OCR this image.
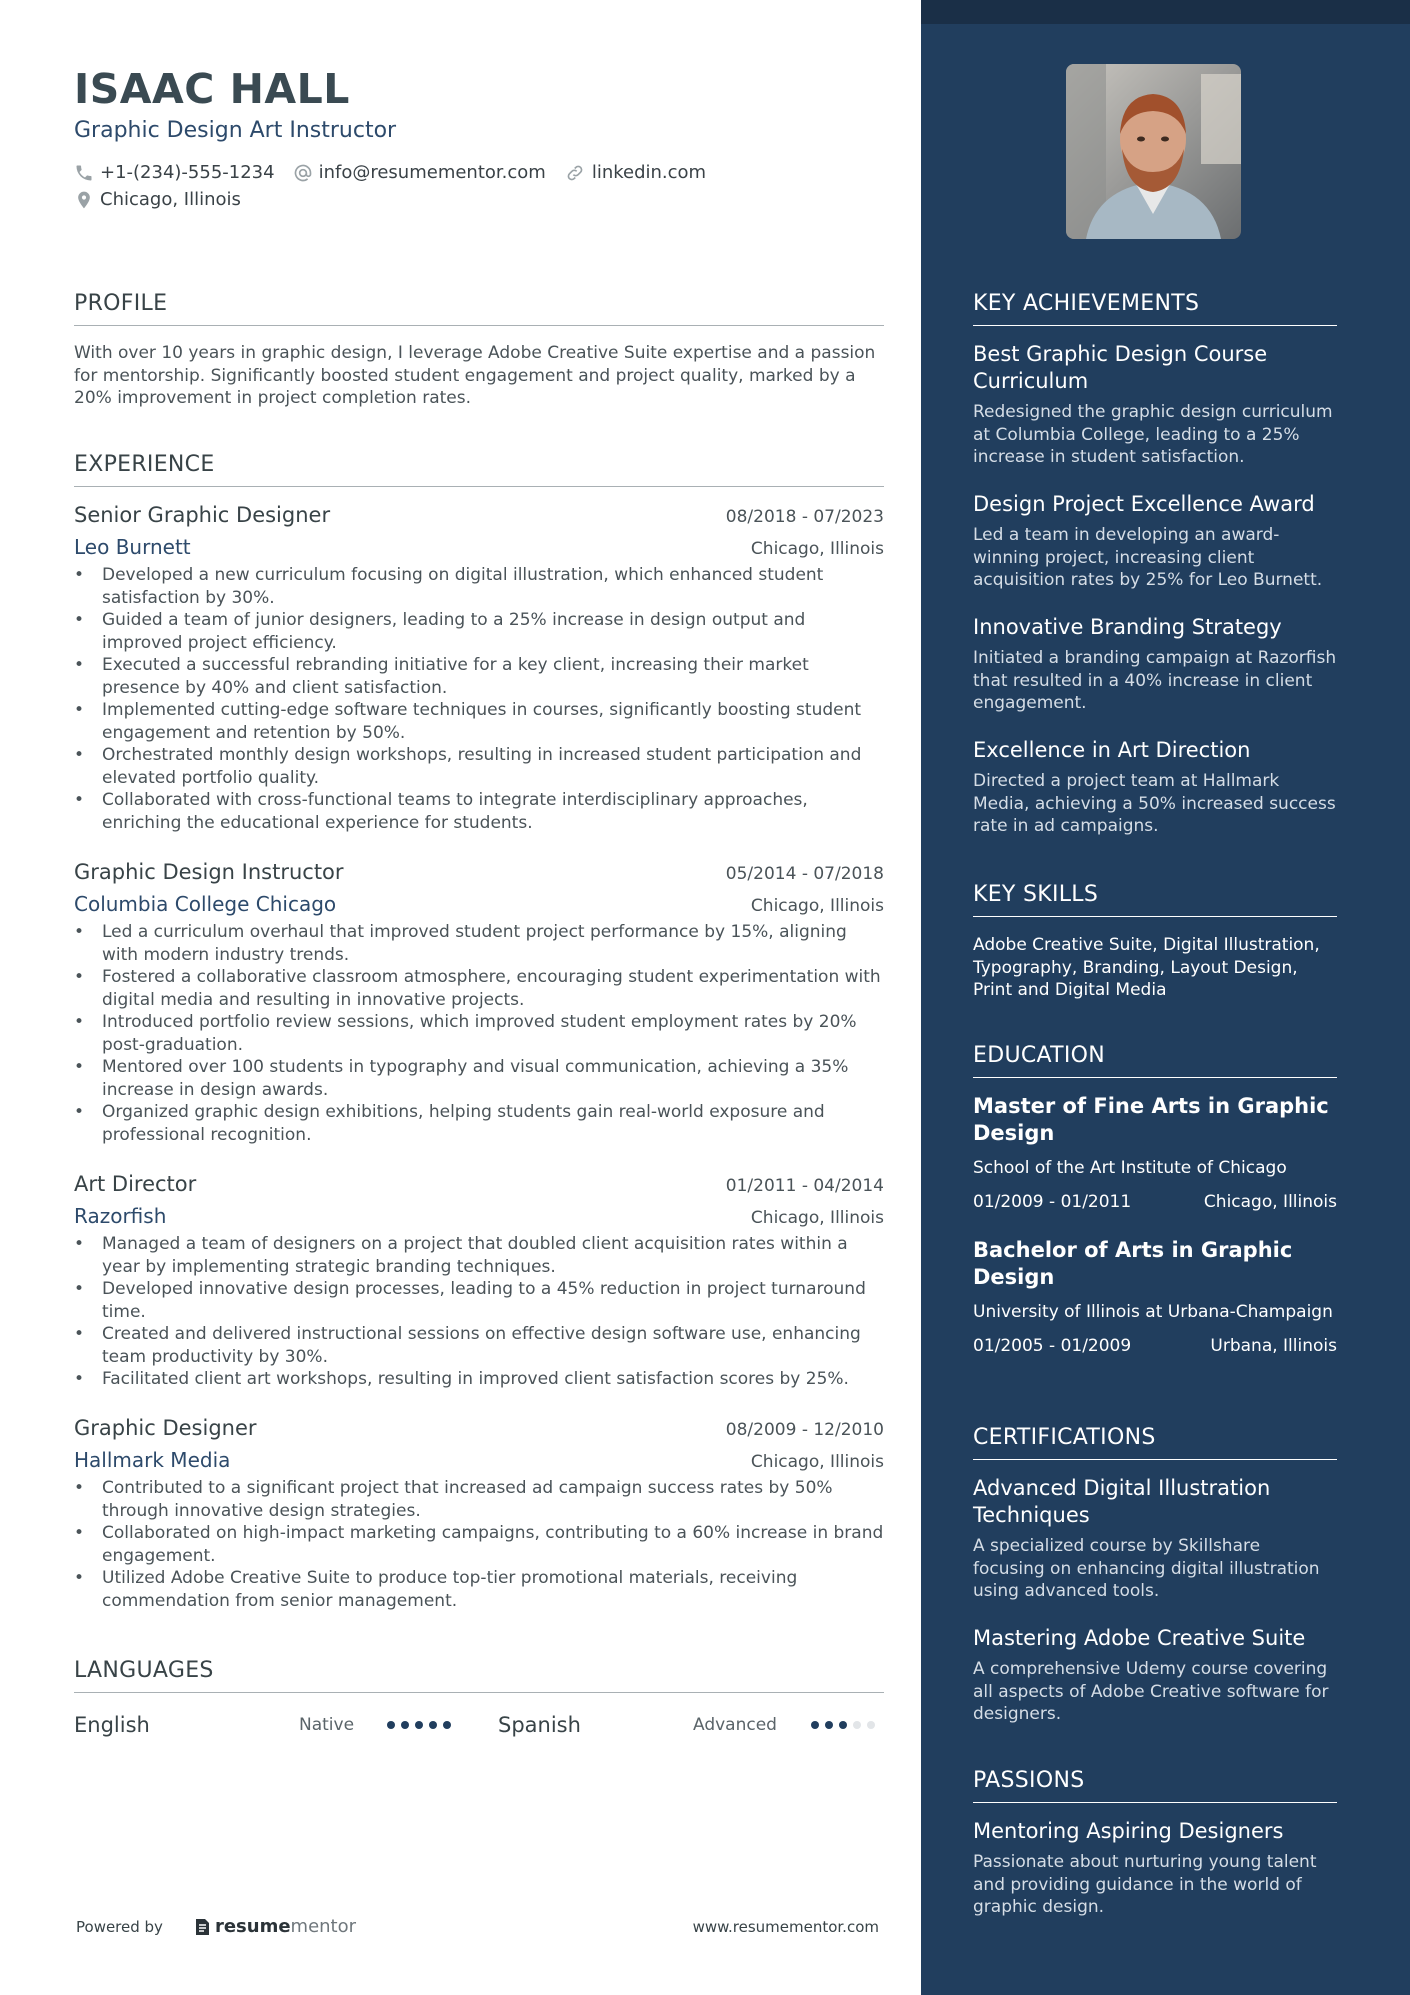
ISAAC HALL
Graphic Design Art Instructor
+1-(234)-555-1234 info@resumementor.com	linkedin.com
Chicago, Illinois
PROFILE
With over 10 years in graphic design, I leverage Adobe Creative Suite expertise and a passion
for mentorship. Significantly boosted student engagement and project quality, marked by a
20% improvement in project completion rates.
EXPERIENCE
Senior Graphic Designer	08/2018 - 07/2023
Leo Burnett	Chicago, Illinois
• Developed a new curriculum focusing on digital illustration, which enhanced student satisfaction by 30%.
• Guided a team of junior designers, leading to a 25% increase in design output and improved project efficiency.
• Executed a successful rebranding initiative for a key client, increasing their market presence by 40% and client satisfaction.
• Implemented cutting-edge software techniques in courses, significantly boosting student engagement and retention by 50%.
• Orchestrated monthly design workshops, resulting in increased student participation and elevated portfolio quality.
• Collaborated with cross-functional teams to integrate interdisciplinary approaches, enriching the educational experience for students.
Graphic Design Instructor	05/2014 - 07/2018
Columbia College Chicago	Chicago, Illinois
• Led a curriculum overhaul that improved student project performance by 15%, aligning with modern industry trends.
• Fostered a collaborative classroom atmosphere, encouraging student experimentation with digital media and resulting in innovative projects.
• Introduced portfolio review sessions, which improved student employment rates by 20% post-graduation.
• Mentored over 100 students in typography and visual communication, achieving a 35% increase in design awards.
• Organized graphic design exhibitions, helping students gain real-world exposure and professional recognition.
Art Director	01/2011 - 04/2014
Razorfish	Chicago, Illinois
• Managed a team of designers on a project that doubled client acquisition rates within a year by implementing strategic branding techniques.
• Developed innovative design processes, leading to a 45% reduction in project turnaround time.
• Created and delivered instructional sessions on effective design software use, enhancing team productivity by 30%.
• Facilitated client art workshops, resulting in improved client satisfaction scores by 25%.
Graphic Designer	08/2009 - 12/2010
Hallmark Media	Chicago, Illinois
• Contributed to a significant project that increased ad campaign success rates by 50% through innovative design strategies.
• Collaborated on high-impact marketing campaigns, contributing to a 60% increase in brand engagement.
• Utilized Adobe Creative Suite to produce top-tier promotional materials, receiving commendation from senior management.
LANGUAGES
English	Native	Spanish	Advanced
Powered by	resume mentor	www.resumementor.com
KEY ACHIEVEMENTS
Best Graphic Design Course Curriculum
Redesigned the graphic design curriculum at Columbia College, leading to a 25% increase in student satisfaction.
Design Project Excellence Award
Led a team in developing an award-winning project, increasing client acquisition rates by 25% for Leo Burnett.
Innovative Branding Strategy
Initiated a branding campaign at Razorfish that resulted in a 40% increase in client engagement.
Excellence in Art Direction
Directed a project team at Hallmark Media, achieving a 50% increased success rate in ad campaigns.
KEY SKILLS
Adobe Creative Suite, Digital Illustration, Typography, Branding, Layout Design, Print and Digital Media
EDUCATION
Master of Fine Arts in Graphic Design
School of the Art Institute of Chicago
01/2009 - 01/2011	Chicago, Illinois
Bachelor of Arts in Graphic Design
University of Illinois at Urbana-Champaign
01/2005 - 01/2009	Urbana, Illinois
CERTIFICATIONS
Advanced Digital Illustration Techniques
A specialized course by Skillshare focusing on enhancing digital illustration using advanced tools.
Mastering Adobe Creative Suite
A comprehensive Udemy course covering all aspects of Adobe Creative software for designers.
PASSIONS
Mentoring Aspiring Designers
Passionate about nurturing young talent and providing guidance in the world of graphic design.
